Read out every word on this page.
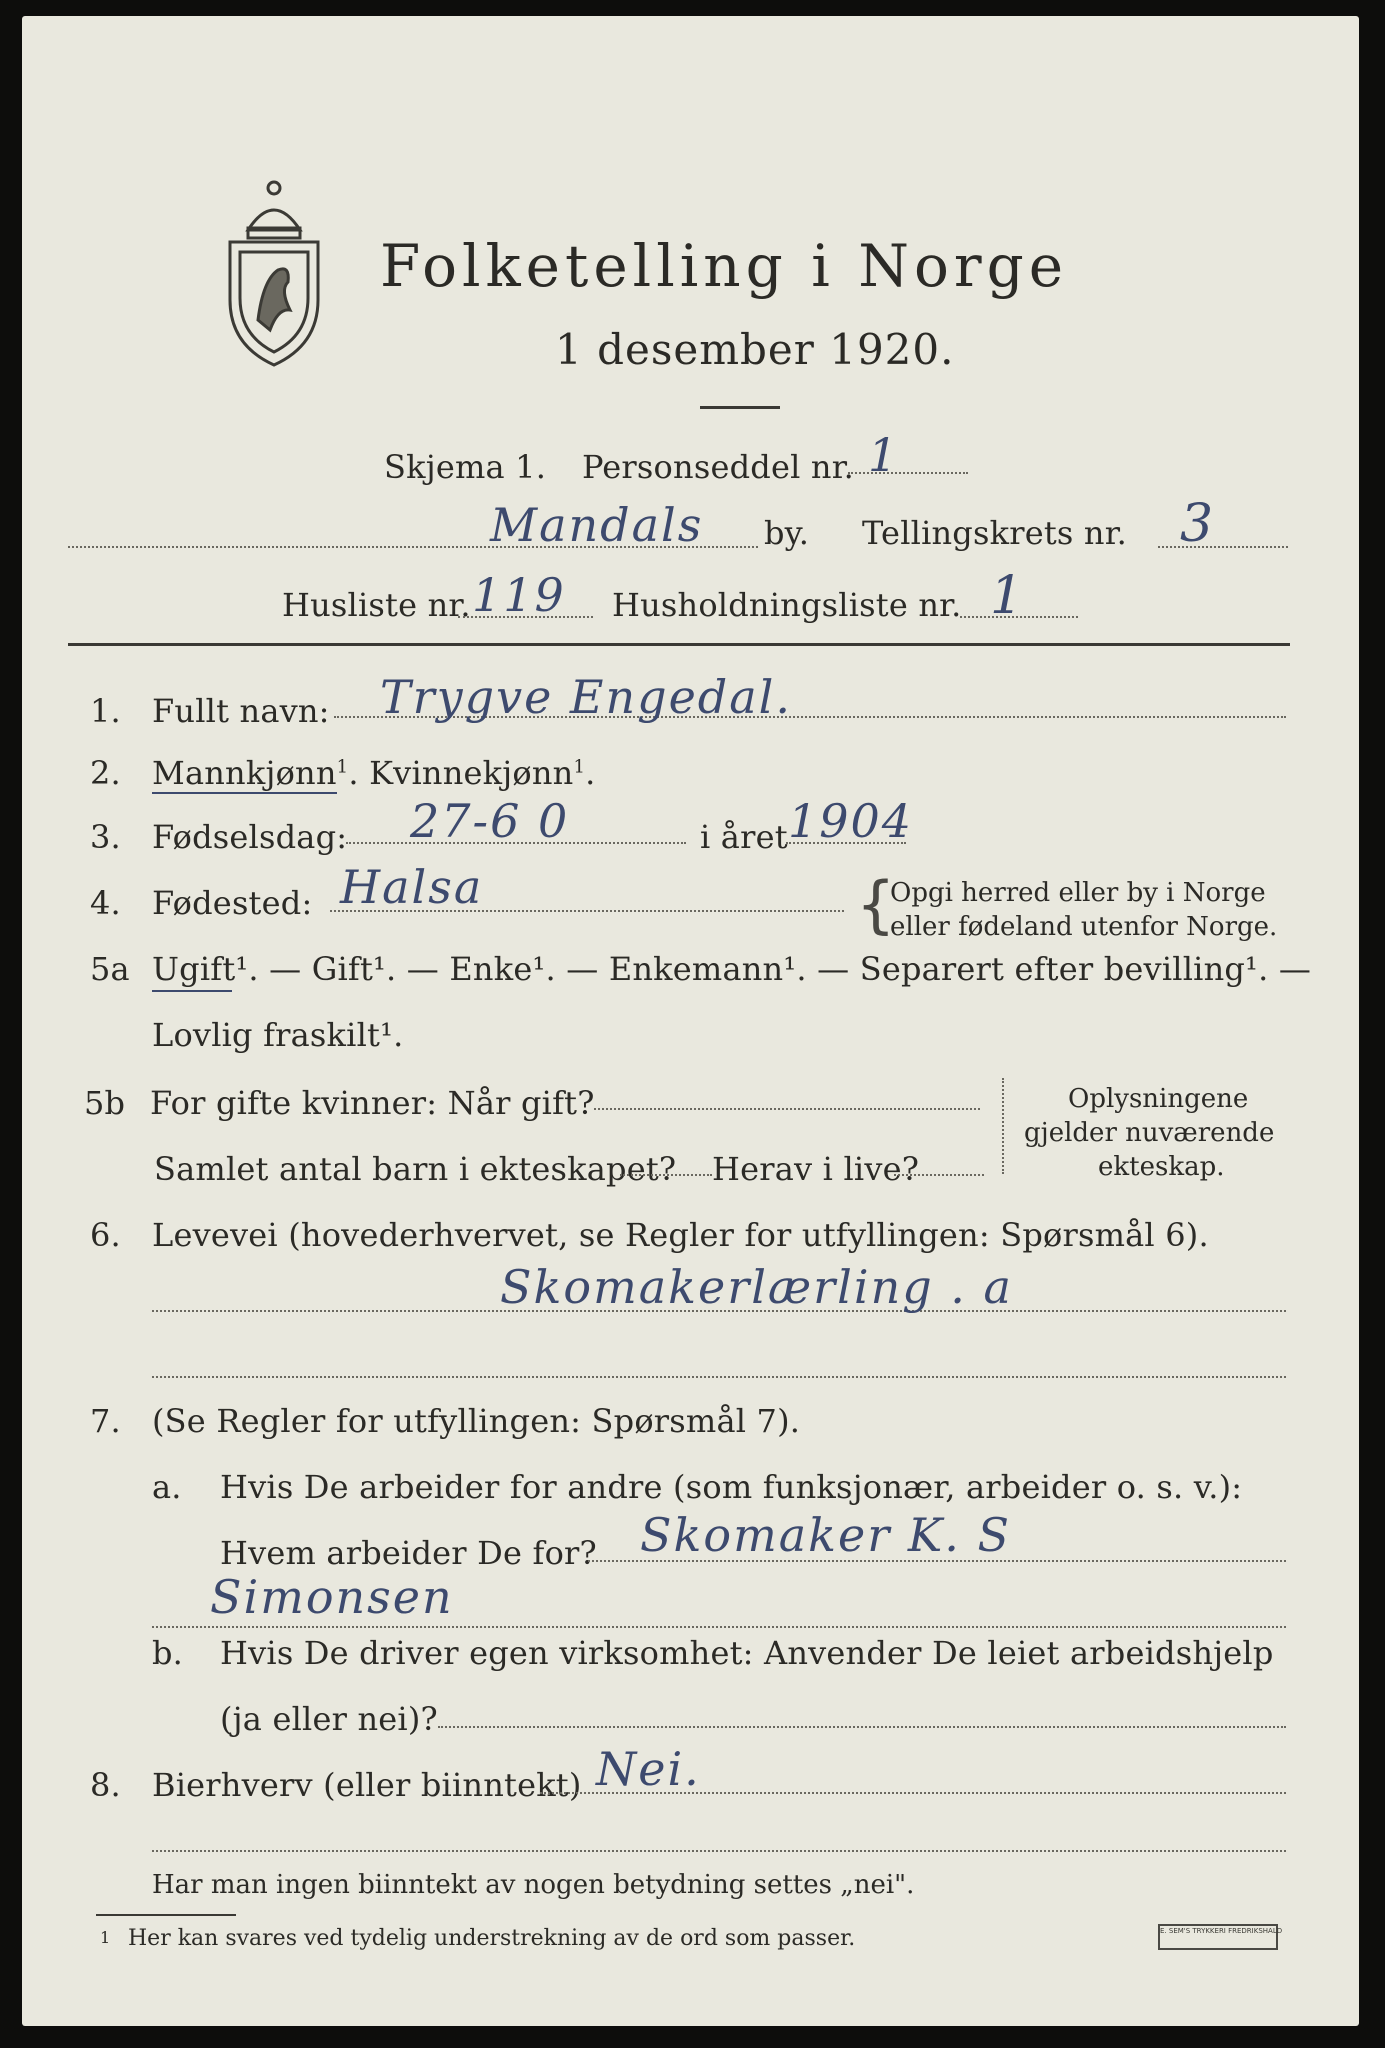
Folketelling i Norge
1 desember 1920.
Skjema 1. Personseddel nr. 1
Mandals by. Tellingskrets nr. 3
Husliste nr. 119 Husholdningsliste nr. 1
1. Fullt navn: Trygve Engedal.
2. Mannkjønn$^1$. Kvinnekjønn$^1$.
3. Fødselsdag: 27-6 0	i året 1904
4. Fødested: Halsa	{
Opgi herred eller by i Norge
eller fødeland utenfor Norge.
5a Ugift¹. — Gift¹. — Enke¹. — Enkemann¹. — Separert efter bevilling¹. —
Lovlig fraskilt¹.
5b For gifte kvinner: Når gift?
Samlet antal barn i ekteskapet? Herav i live?
Oplysningene
gjelder nuværende
ekteskap.
6. Levevei (hovederhvervet, se Regler for utfyllingen: Spørsmål 6).
Skomakerlærling . a
7. (Se Regler for utfyllingen: Spørsmål 7).
a. Hvis De arbeider for andre (som funksjonær, arbeider o. s. v.):
Hvem arbeider De for? Skomaker K. S
Simonsen
b. Hvis De driver egen virksomhet: Anvender De leiet arbeidshjelp
(ja eller nei)?
8. Bierhverv (eller biinntekt) Nei.
Har man ingen biinntekt av nogen betydning settes „nei".
1 Her kan svares ved tydelig understrekning av de ord som passer.	E. SEM'S TRYKKERI FREDRIKSHALD
